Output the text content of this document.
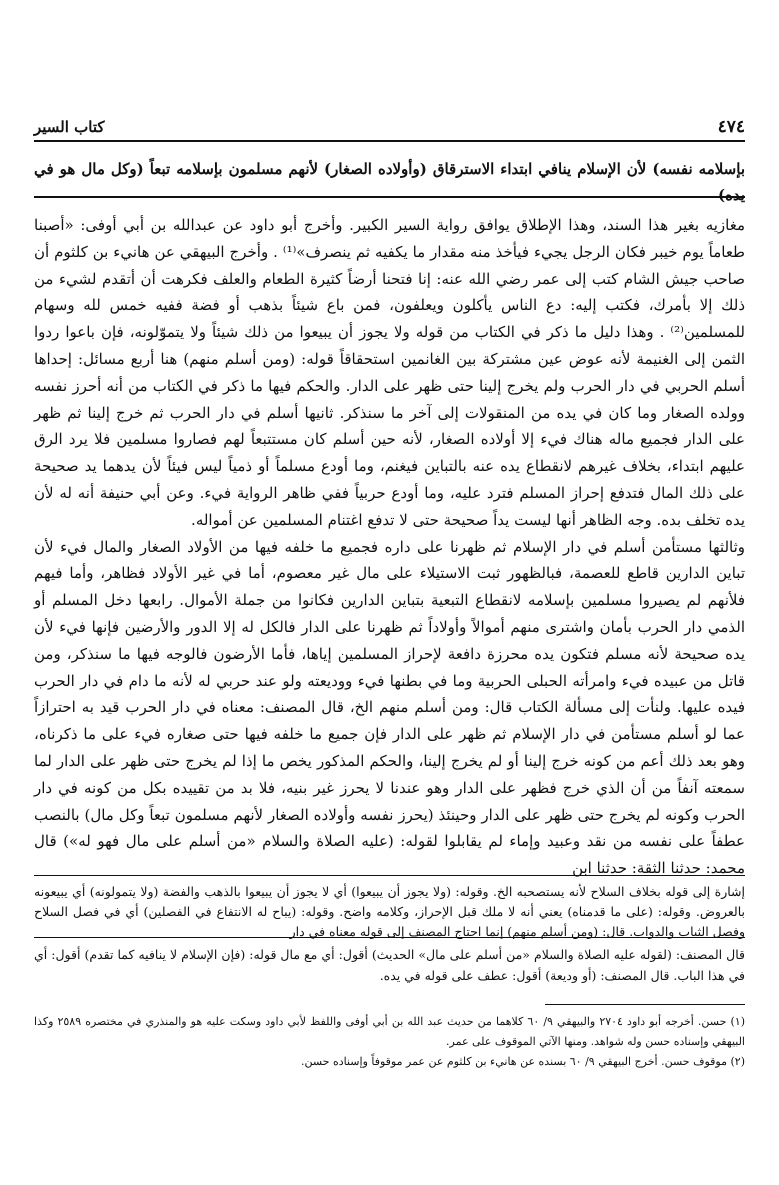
٤٧٤
كتاب السير
بإسلامه نفسه) لأن الإسلام ينافي ابتداء الاسترقاق (وأولاده الصغار) لأنهم مسلمون بإسلامه تبعاً (وكل مال هو في يده)

مغازيه بغير هذا السند، وهذا الإطلاق يوافق رواية السير الكبير. وأخرج أبو داود عن عبدالله بن أبي أوفى: «أصبنا طعاماً يوم خيبر فكان الرجل يجيء فيأخذ منه مقدار ما يكفيه ثم ينصرف»⁽¹⁾ . وأخرج البيهقي عن هانيء بن كلثوم أن صاحب جيش الشام كتب إلى عمر رضي الله عنه: إنا فتحنا أرضاً كثيرة الطعام والعلف فكرهت أن أتقدم لشيء من ذلك إلا بأمرك، فكتب إليه: دع الناس يأكلون ويعلفون، فمن باع شيئاً بذهب أو فضة ففيه خمس لله وسهام للمسلمين⁽²⁾ . وهذا دليل ما ذكر في الكتاب من قوله ولا يجوز أن يبيعوا من ذلك شيئاً ولا يتموّلونه، فإن باعوا ردوا الثمن إلى الغنيمة لأنه عوض عين مشتركة بين الغانمين استحقاقاً قوله: (ومن أسلم منهم) هنا أربع مسائل: إحداها أسلم الحربي في دار الحرب ولم يخرج إلينا حتى ظهر على الدار. والحكم فيها ما ذكر في الكتاب من أنه أحرز نفسه وولده الصغار وما كان في يده من المنقولات إلى آخر ما سنذكر. ثانيها أسلم في دار الحرب ثم خرج إلينا ثم ظهر على الدار فجميع ماله هناك فيء إلا أولاده الصغار، لأنه حين أسلم كان مستتبعاً لهم فصاروا مسلمين فلا يرد الرق عليهم ابتداء، بخلاف غيرهم لانقطاع يده عنه بالتباين فيغنم، وما أودع مسلماً أو ذمياً ليس فيئاً لأن يدهما يد صحيحة على ذلك المال فتدفع إحراز المسلم فترد عليه، وما أودع حربياً ففي ظاهر الرواية فيء. وعن أبي حنيفة أنه له لأن يده تخلف بده. وجه الظاهر أنها ليست يداً صحيحة حتى لا تدفع اغتنام المسلمين عن أمواله.

وثالثها مستأمن أسلم في دار الإسلام ثم ظهرنا على داره فجميع ما خلفه فيها من الأولاد الصغار والمال فيء لأن تباين الدارين قاطع للعصمة، فبالظهور ثبت الاستيلاء على مال غير معصوم، أما في غير الأولاد فظاهر، وأما فيهم فلأنهم لم يصيروا مسلمين بإسلامه لانقطاع التبعية بتباين الدارين فكانوا من جملة الأموال. رابعها دخل المسلم أو الذمي دار الحرب بأمان واشترى منهم أموالاً وأولاداً ثم ظهرنا على الدار فالكل له إلا الدور والأرضين فإنها فيء لأن يده صحيحة لأنه مسلم فتكون يده محرزة دافعة لإحراز المسلمين إياها، فأما الأرضون فالوجه فيها ما سنذكر، ومن قاتل من عبيده فيء وامرأته الحبلى الحربية وما في بطنها فيء ووديعته ولو عند حربي له لأنه ما دام في دار الحرب فيده عليها. ولنأت إلى مسألة الكتاب قال: ومن أسلم منهم الخ، قال المصنف: معناه في دار الحرب قيد به احترازاً عما لو أسلم مستأمن في دار الإسلام ثم ظهر على الدار فإن جميع ما خلفه فيها حتى صغاره فيء على ما ذكرناه، وهو بعد ذلك أعم من كونه خرج إلينا أو لم يخرج إلينا، والحكم المذكور يخص ما إذا لم يخرج حتى ظهر على الدار لما سمعته آنفاً من أن الذي خرج فظهر على الدار وهو عندنا لا يحرز غير بنيه، فلا بد من تقييده بكل من كونه في دار الحرب وكونه لم يخرج حتى ظهر على الدار وحينئذ (يحرز نفسه وأولاده الصغار لأنهم مسلمون تبعاً وكل مال) بالنصب عطفاً على نفسه من نقد وعبيد وإماء لم يقابلوا لقوله: (عليه الصلاة والسلام «من أسلم على مال فهو له») قال محمد: حدثنا الثقة: حدثنا ابن

إشارة إلى قوله بخلاف السلاح لأنه يستصحبه الخ. وقوله: (ولا يجوز أن يبيعوا) أي لا يجوز أن يبيعوا بالذهب والفضة (ولا يتمولونه) أي يبيعونه بالعروض. وقوله: (على ما قدمناه) يعني أنه لا ملك قبل الإحراز، وكلامه واضح. وقوله: (يباح له الانتفاع في الفصلين) أي في فصل السلاح وفصل الثياب والدواب. قال: (ومن أسلم منهم) إنما احتاج المصنف إلى قوله معناه في دار

قال المصنف: (لقوله عليه الصلاة والسلام «من أسلم على مال» الحديث) أقول: أي مع مال قوله: (فإن الإسلام لا ينافيه كما تقدم) أقول: أي في هذا الباب. قال المصنف: (أو وديعة) أقول: عطف على قوله في يده.

(١) حسن. أخرجه أبو داود ٢٧٠٤ والبيهقي ٩/ ٦٠ كلاهما من حديث عبد الله بن أبي أوفى واللفظ لأبي داود وسكت عليه هو والمنذري في مختصره ٢٥٨٩ وكذا البيهقي وإسناده حسن وله شواهد. ومنها الآتي الموقوف على عمر.

(٢) موقوف حسن. أخرج البيهقي ٩/ ٦٠ بسنده عن هانيء بن كلثوم عن عمر موقوفاً وإسناده حسن.
